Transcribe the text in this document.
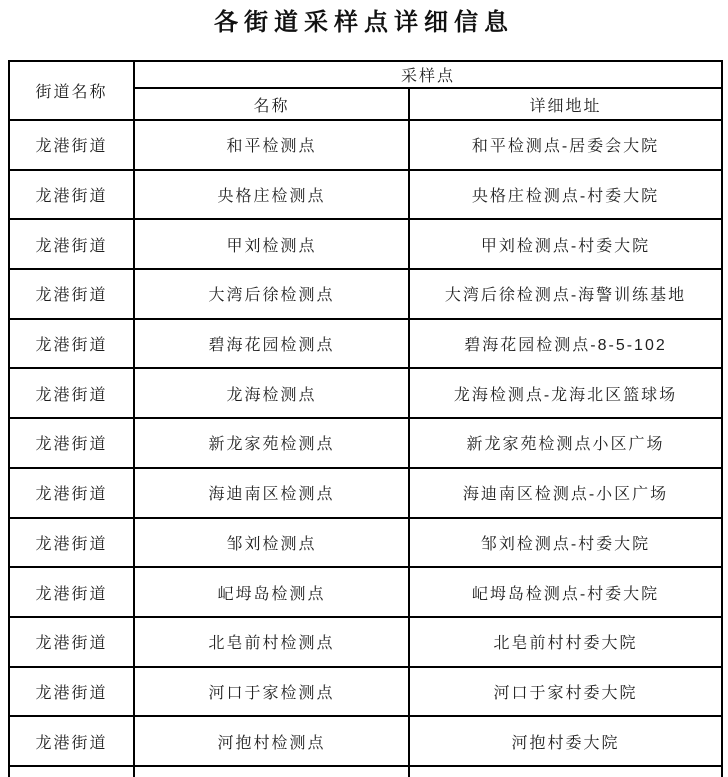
各街道采样点详细信息
街道名称	采样点	
	名称	详细地址
龙港街道	和平检测点	和平检测点-居委会大院
龙港街道	央格庄检测点	央格庄检测点-村委大院
龙港街道	甲刘检测点	甲刘检测点-村委大院
龙港街道	大湾后徐检测点	大湾后徐检测点-海警训练基地
龙港街道	碧海花园检测点	碧海花园检测点-8-5-102
龙港街道	龙海检测点	龙海检测点-龙海北区篮球场
龙港街道	新龙家苑检测点	新龙家苑检测点小区广场
龙港街道	海迪南区检测点	海迪南区检测点-小区广场
龙港街道	邹刘检测点	邹刘检测点-村委大院
龙港街道	屺坶岛检测点	屺坶岛检测点-村委大院
龙港街道	北皂前村检测点	北皂前村村委大院
龙港街道	河口于家检测点	河口于家村委大院
龙港街道	河抱村检测点	河抱村委大院
